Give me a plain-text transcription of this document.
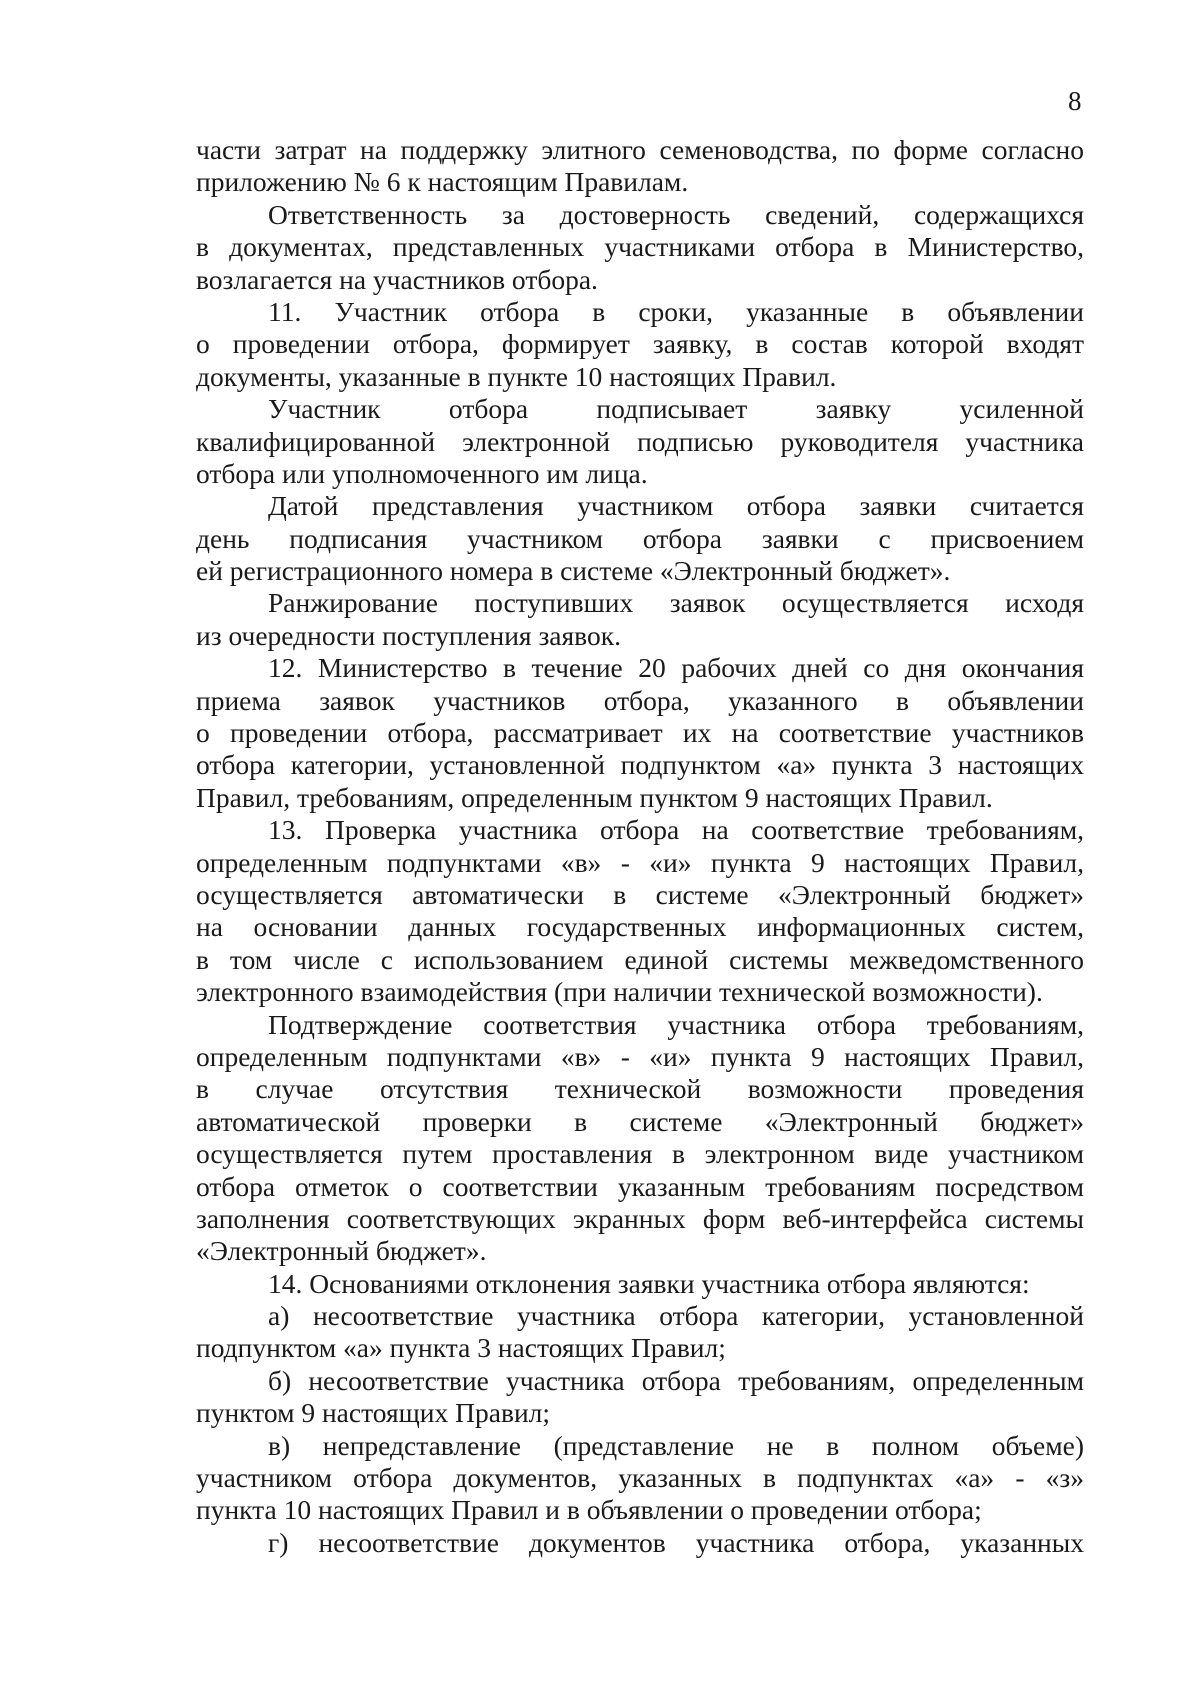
8
части затрат на поддержку элитного семеноводства, по форме согласно
приложению № 6 к настоящим Правилам.
Ответственность за достоверность сведений, содержащихся
в документах, представленных участниками отбора в Министерство,
возлагается на участников отбора.
11. Участник отбора в сроки, указанные в объявлении
о проведении отбора, формирует заявку, в состав которой входят
документы, указанные в пункте 10 настоящих Правил.
Участник отбора подписывает заявку усиленной
квалифицированной электронной подписью руководителя участника
отбора или уполномоченного им лица.
Датой представления участником отбора заявки считается
день подписания участником отбора заявки с присвоением
ей регистрационного номера в системе «Электронный бюджет».
Ранжирование поступивших заявок осуществляется исходя
из очередности поступления заявок.
12. Министерство в течение 20 рабочих дней со дня окончания
приема заявок участников отбора, указанного в объявлении
о проведении отбора, рассматривает их на соответствие участников
отбора категории, установленной подпунктом «а» пункта 3 настоящих
Правил, требованиям, определенным пунктом 9 настоящих Правил.
13. Проверка участника отбора на соответствие требованиям,
определенным подпунктами «в» - «и» пункта 9 настоящих Правил,
осуществляется автоматически в системе «Электронный бюджет»
на основании данных государственных информационных систем,
в том числе с использованием единой системы межведомственного
электронного взаимодействия (при наличии технической возможности).
Подтверждение соответствия участника отбора требованиям,
определенным подпунктами «в» - «и» пункта 9 настоящих Правил,
в случае отсутствия технической возможности проведения
автоматической проверки в системе «Электронный бюджет»
осуществляется путем проставления в электронном виде участником
отбора отметок о соответствии указанным требованиям посредством
заполнения соответствующих экранных форм веб-интерфейса системы
«Электронный бюджет».
14. Основаниями отклонения заявки участника отбора являются:
а) несоответствие участника отбора категории, установленной
подпунктом «а» пункта 3 настоящих Правил;
б) несоответствие участника отбора требованиям, определенным
пунктом 9 настоящих Правил;
в) непредставление (представление не в полном объеме)
участником отбора документов, указанных в подпунктах «а» - «з»
пункта 10 настоящих Правил и в объявлении о проведении отбора;
г) несоответствие документов участника отбора, указанных
